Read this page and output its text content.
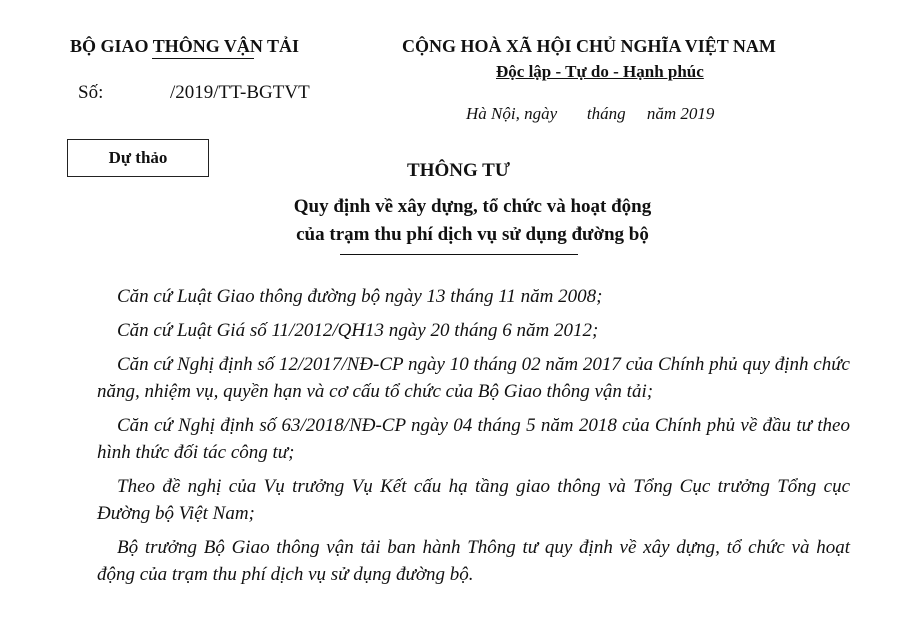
BỘ GIAO THÔNG VẬN TẢI
Số:	/2019/TT-BGTVT
CỘNG HOÀ XÃ HỘI CHỦ NGHĨA VIỆT NAM
Độc lập - Tự do - Hạnh phúc
Hà Nội, ngày       tháng     năm 2019
Dự thảo
THÔNG TƯ
Quy định về xây dựng, tổ chức và hoạt động
của trạm thu phí dịch vụ sử dụng đường bộ

Căn cứ Luật Giao thông đường bộ ngày 13 tháng 11 năm 2008;

Căn cứ Luật Giá số 11/2012/QH13 ngày 20 tháng 6 năm 2012;

Căn cứ Nghị định số 12/2017/NĐ-CP ngày 10 tháng 02 năm 2017 của Chính phủ quy định chức năng, nhiệm vụ, quyền hạn và cơ cấu tổ chức của Bộ Giao thông vận tải;

Căn cứ Nghị định số 63/2018/NĐ-CP ngày 04 tháng 5 năm 2018 của Chính phủ về đầu tư theo hình thức đối tác công tư;

Theo đề nghị của Vụ trưởng Vụ Kết cấu hạ tầng giao thông và Tổng Cục trưởng Tổng cục Đường bộ Việt Nam;

Bộ trưởng Bộ Giao thông vận tải ban hành Thông tư quy định về xây dựng, tổ chức và hoạt động của trạm thu phí dịch vụ sử dụng đường bộ.
